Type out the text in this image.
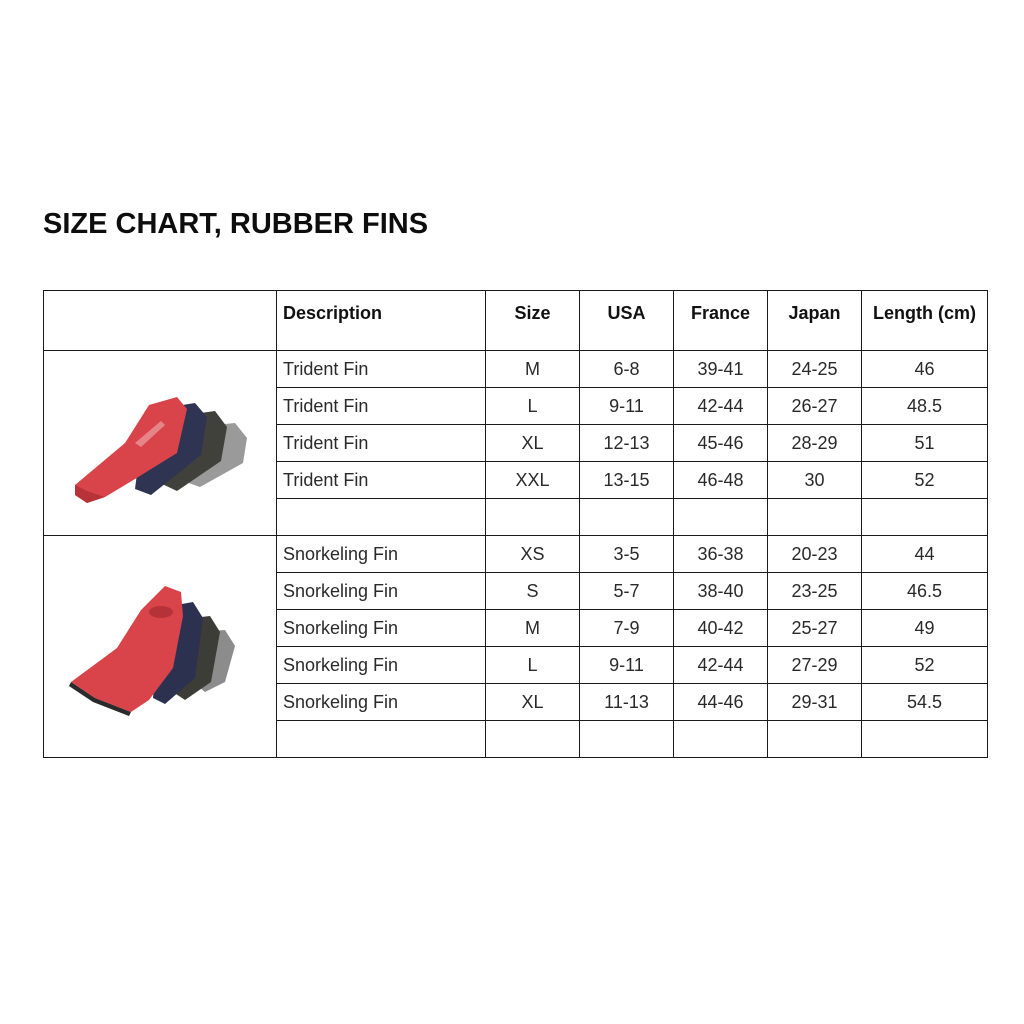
SIZE CHART, RUBBER FINS
	Description	Size	USA	France	Japan	Length (cm)

	Trident Fin	M	6-8	39-41	24-25	46
	Trident Fin	L	9-11	42-44	26-27	48.5
	Trident Fin	XL	12-13	45-46	28-29	51
	Trident Fin	XXL	13-15	46-48	30	52

	Snorkeling Fin	XS	3-5	36-38	20-23	44
	Snorkeling Fin	S	5-7	38-40	23-25	46.5
	Snorkeling Fin	M	7-9	40-42	25-27	49
	Snorkeling Fin	L	9-11	42-44	27-29	52
	Snorkeling Fin	XL	11-13	44-46	29-31	54.5
